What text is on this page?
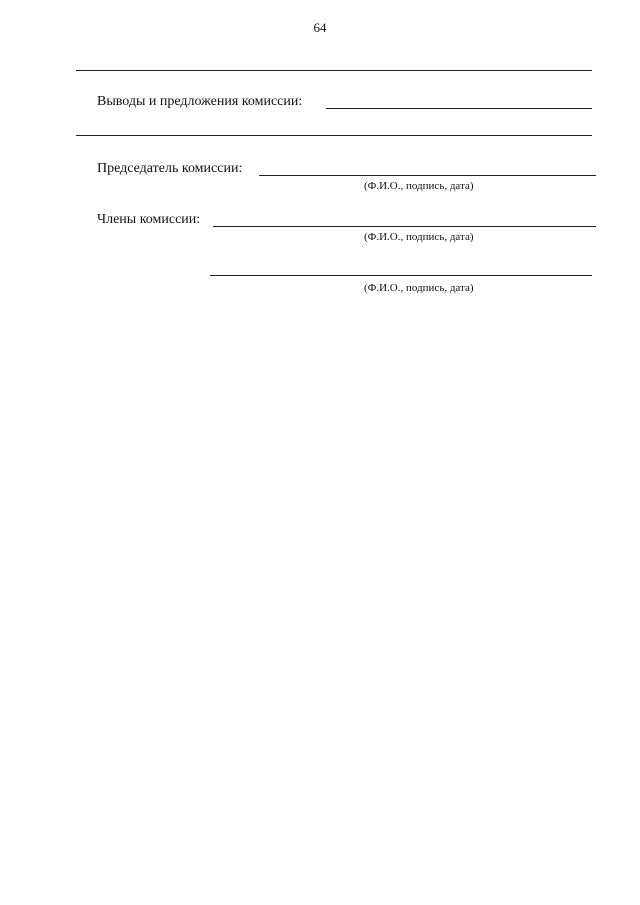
64
Выводы и предложения комиссии:
Председатель комиссии:
(Ф.И.О., подпись, дата)
Члены комиссии:
(Ф.И.О., подпись, дата)
(Ф.И.О., подпись, дата)
